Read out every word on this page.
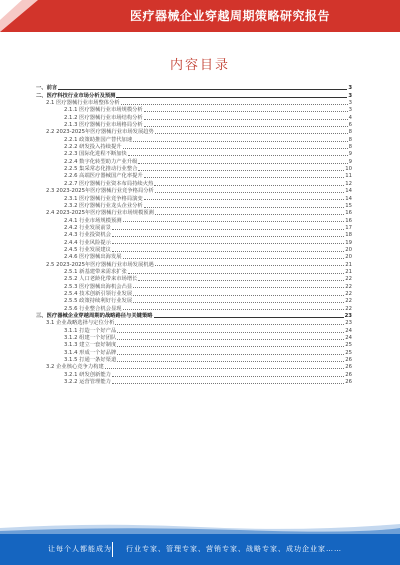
医疗器械企业穿越周期策略研究报告
内容目录
一、前言	3
二、医疗科技行业市场分析及预测	3
2.1 医疗器械行业市场整体分析	3
2.1.1 医疗器械行业市场规模分析	3
2.1.2 医疗器械行业市场结构分析	4
2.1.3 医疗器械行业市场格局分析	6
2.2 2023-2025年医疗器械行业市场发展趋势	8
2.2.1 政策助推国产替代加速	8
2.2.2 研发投入持续提升	8
2.2.3 国际化进程不断加快	9
2.2.4 数字化转型助力产业升级	9
2.2.5 集采常态化推动行业整合	10
2.2.6 高端医疗器械国产化率提升	11
2.2.7 医疗器械行业资本布局持续火热	12
2.3 2023-2025年医疗器械行业竞争格局分析	14
2.3.1 医疗器械行业竞争格局演变	14
2.3.2 医疗器械行业龙头企业分析	15
2.4 2023-2025年医疗器械行业市场规模预测	16
2.4.1 行业市场规模预测	16
2.4.2 行业发展前景	17
2.4.3 行业投资机会	18
2.4.4 行业风险提示	19
2.4.5 行业发展建议	20
2.4.6 医疗器械出海发展	20
2.5 2023-2025年医疗器械行业市场发展机遇	21
2.5.1 新基建带来需求扩张	21
2.5.2 人口老龄化带来市场增长	22
2.5.3 医疗器械出海机会凸显	22
2.5.4 技术创新引领行业发展	22
2.5.5 政策持续利好行业发展	22
2.5.6 行业整合机会显现	22
三、医疗器械企业穿越周期的战略路径与关键策略	23
3.1 企业战略选择与定位分析	23
3.1.1 打造一个好产品	24
3.1.2 组建一个好团队	24
3.1.3 建立一套好制度	25
3.1.4 形成一个好品牌	25
3.1.5 打通一条好渠道	26
3.2 企业核心竞争力构建	26
3.2.1 研发创新能力	26
3.2.2 运营管理能力	26
让每个人都能成为 行业专家、管理专家、营销专家、战略专家、成功企业家……
